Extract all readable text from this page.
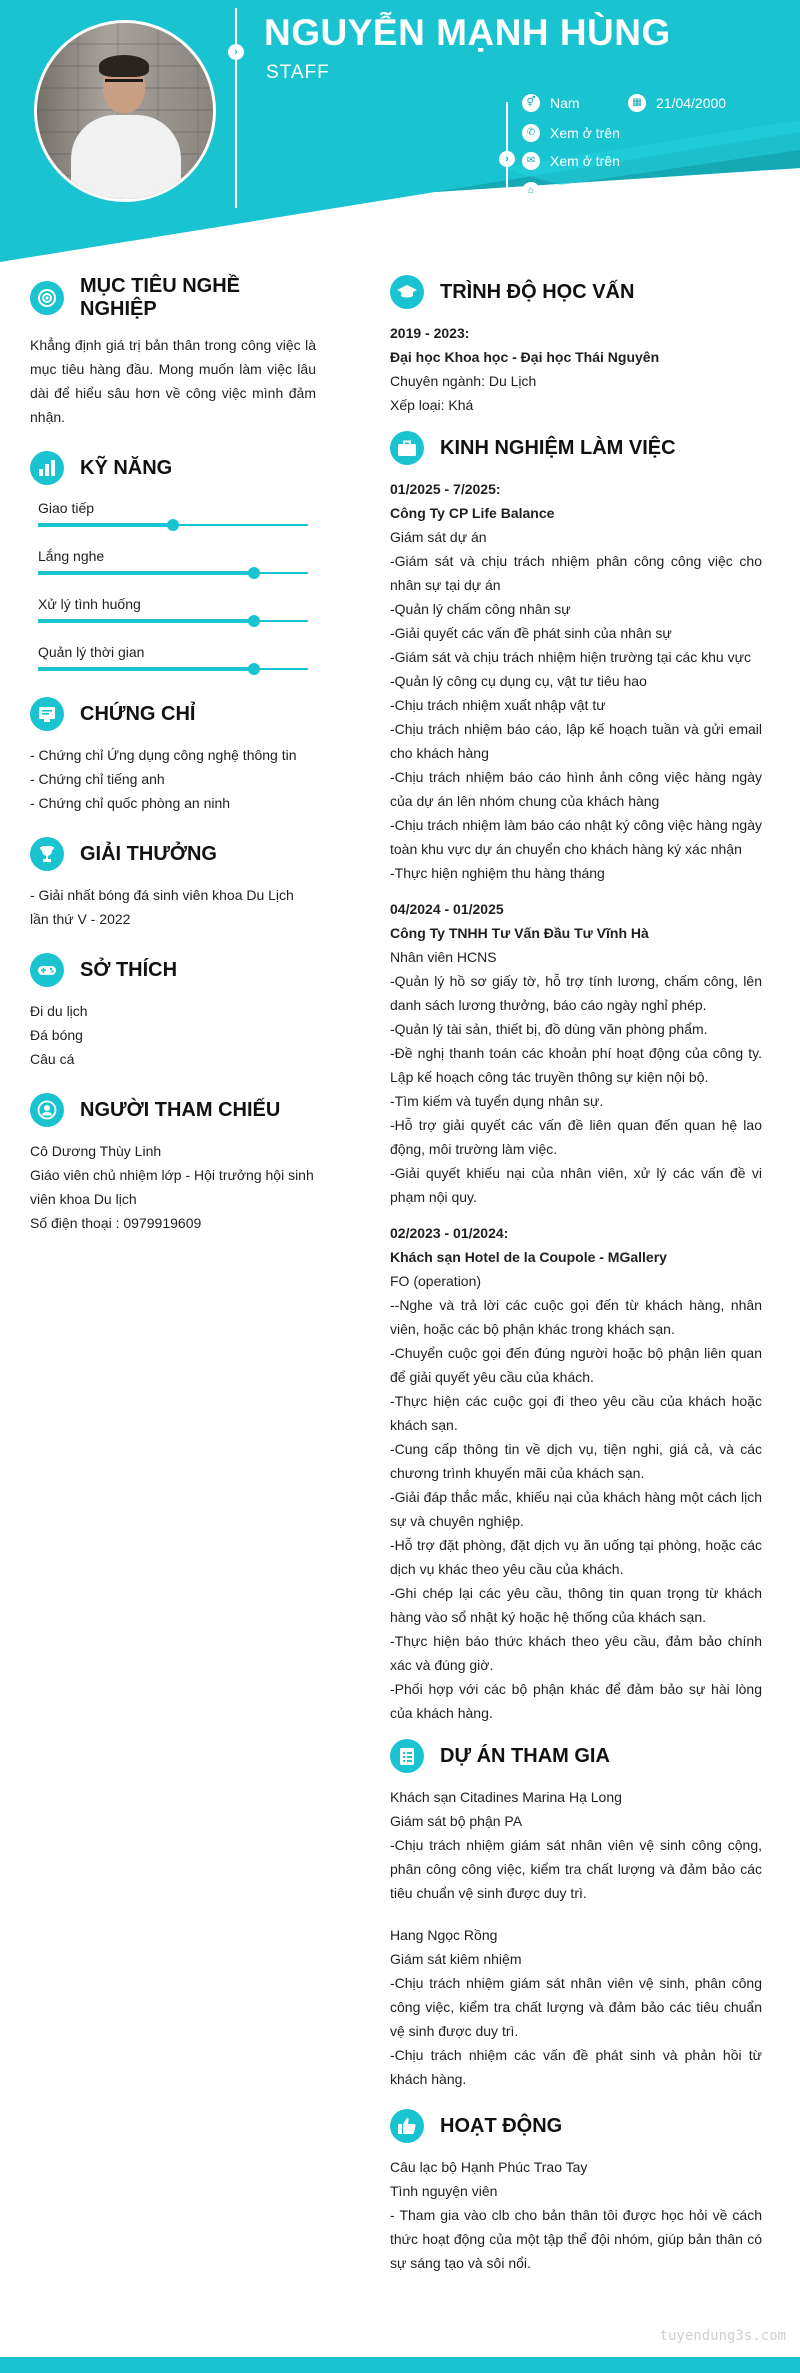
› NGUYỄN MẠNH HÙNG
STAFF
›
⚥	Nam	▦	21/04/2000
✆	Xem ở trên
✉	Xem ở trên
⌂	Hoành bồ Hạ Long Quảng Ninh
MỤC TIÊU NGHỀ NGHIỆP
Khẳng định giá trị bản thân trong công việc là mục tiêu hàng đầu. Mong muốn làm việc lâu dài để hiểu sâu hơn về công việc mình đảm nhận.
KỸ NĂNG
Giao tiếp
Lắng nghe
Xử lý tình huống
Quản lý thời gian
CHỨNG CHỈ
- Chứng chỉ Ứng dụng công nghệ thông tin
- Chứng chỉ tiếng anh
- Chứng chỉ quốc phòng an ninh
GIẢI THƯỞNG
- Giải nhất bóng đá sinh viên khoa Du Lịch lần thứ V - 2022
SỞ THÍCH
Đi du lịch
Đá bóng
Câu cá
NGƯỜI THAM CHIẾU
Cô Dương Thùy Linh
Giáo viên chủ nhiệm lớp - Hội trưởng hội sinh viên khoa Du lịch
Số điện thoại : 0979919609
TRÌNH ĐỘ HỌC VẤN
2019 - 2023:
Đại học Khoa học - Đại học Thái Nguyên
Chuyên ngành: Du Lịch
Xếp loại: Khá
KINH NGHIỆM LÀM VIỆC
01/2025 - 7/2025:
Công Ty CP Life Balance
Giám sát dự án
-Giám sát và chịu trách nhiệm phân công công việc cho nhân sự tại dự án
-Quản lý chấm công nhân sự
-Giải quyết các vấn đề phát sinh của nhân sự
-Giám sát và chịu trách nhiệm hiện trường tại các khu vực
-Quản lý công cụ dụng cụ, vật tư tiêu hao
-Chịu trách nhiệm xuất nhập vật tư
-Chịu trách nhiệm báo cáo, lập kế hoạch tuần và gửi email cho khách hàng
-Chịu trách nhiệm báo cáo hình ảnh công việc hàng ngày của dự án lên nhóm chung của khách hàng
-Chịu trách nhiệm làm báo cáo nhật ký công việc hàng ngày toàn khu vực dự án chuyển cho khách hàng ký xác nhận
-Thực hiện nghiệm thu hàng tháng
04/2024 - 01/2025
Công Ty TNHH Tư Vấn Đầu Tư Vĩnh Hà
Nhân viên HCNS
-Quản lý hồ sơ giấy tờ, hỗ trợ tính lương, chấm công, lên danh sách lương thưởng, báo cáo ngày nghỉ phép.
-Quản lý tài sản, thiết bị, đồ dùng văn phòng phẩm.
-Đề nghị thanh toán các khoản phí hoạt động của công ty. Lập kế hoạch công tác truyền thông sự kiện nội bộ.
-Tìm kiếm và tuyển dụng nhân sự.
-Hỗ trợ giải quyết các vấn đề liên quan đến quan hệ lao động, môi trường làm việc.
-Giải quyết khiếu nại của nhân viên, xử lý các vấn đề vi phạm nội quy.
02/2023 - 01/2024:
Khách sạn Hotel de la Coupole - MGallery
FO (operation)
--Nghe và trả lời các cuộc gọi đến từ khách hàng, nhân viên, hoặc các bộ phận khác trong khách sạn.
-Chuyển cuộc gọi đến đúng người hoặc bộ phận liên quan để giải quyết yêu cầu của khách.
-Thực hiện các cuộc gọi đi theo yêu cầu của khách hoặc khách sạn.
-Cung cấp thông tin về dịch vụ, tiện nghi, giá cả, và các chương trình khuyến mãi của khách sạn.
-Giải đáp thắc mắc, khiếu nại của khách hàng một cách lịch sự và chuyên nghiệp.
-Hỗ trợ đặt phòng, đặt dịch vụ ăn uống tại phòng, hoặc các dịch vụ khác theo yêu cầu của khách.
-Ghi chép lại các yêu cầu, thông tin quan trọng từ khách hàng vào sổ nhật ký hoặc hệ thống của khách sạn.
-Thực hiện báo thức khách theo yêu cầu, đảm bảo chính xác và đúng giờ.
-Phối hợp với các bộ phận khác để đảm bảo sự hài lòng của khách hàng.
DỰ ÁN THAM GIA
Khách sạn Citadines Marina Hạ Long
Giám sát bộ phận PA
-Chịu trách nhiệm giám sát nhân viên vệ sinh công cộng, phân công công việc, kiểm tra chất lượng và đảm bảo các tiêu chuẩn vệ sinh được duy trì.
Hang Ngọc Rồng
Giám sát kiêm nhiệm
-Chịu trách nhiệm giám sát nhân viên vệ sinh, phân công công việc, kiểm tra chất lượng và đảm bảo các tiêu chuẩn vệ sinh được duy trì.
-Chịu trách nhiệm các vấn đề phát sinh và phản hồi từ khách hàng.
HOẠT ĐỘNG
Câu lạc bộ Hạnh Phúc Trao Tay
Tình nguyện viên
- Tham gia vào clb cho bản thân tôi được học hỏi về cách thức hoạt động của một tập thể đội nhóm, giúp bản thân có sự sáng tạo và sôi nổi.
tuyendung3s.com
